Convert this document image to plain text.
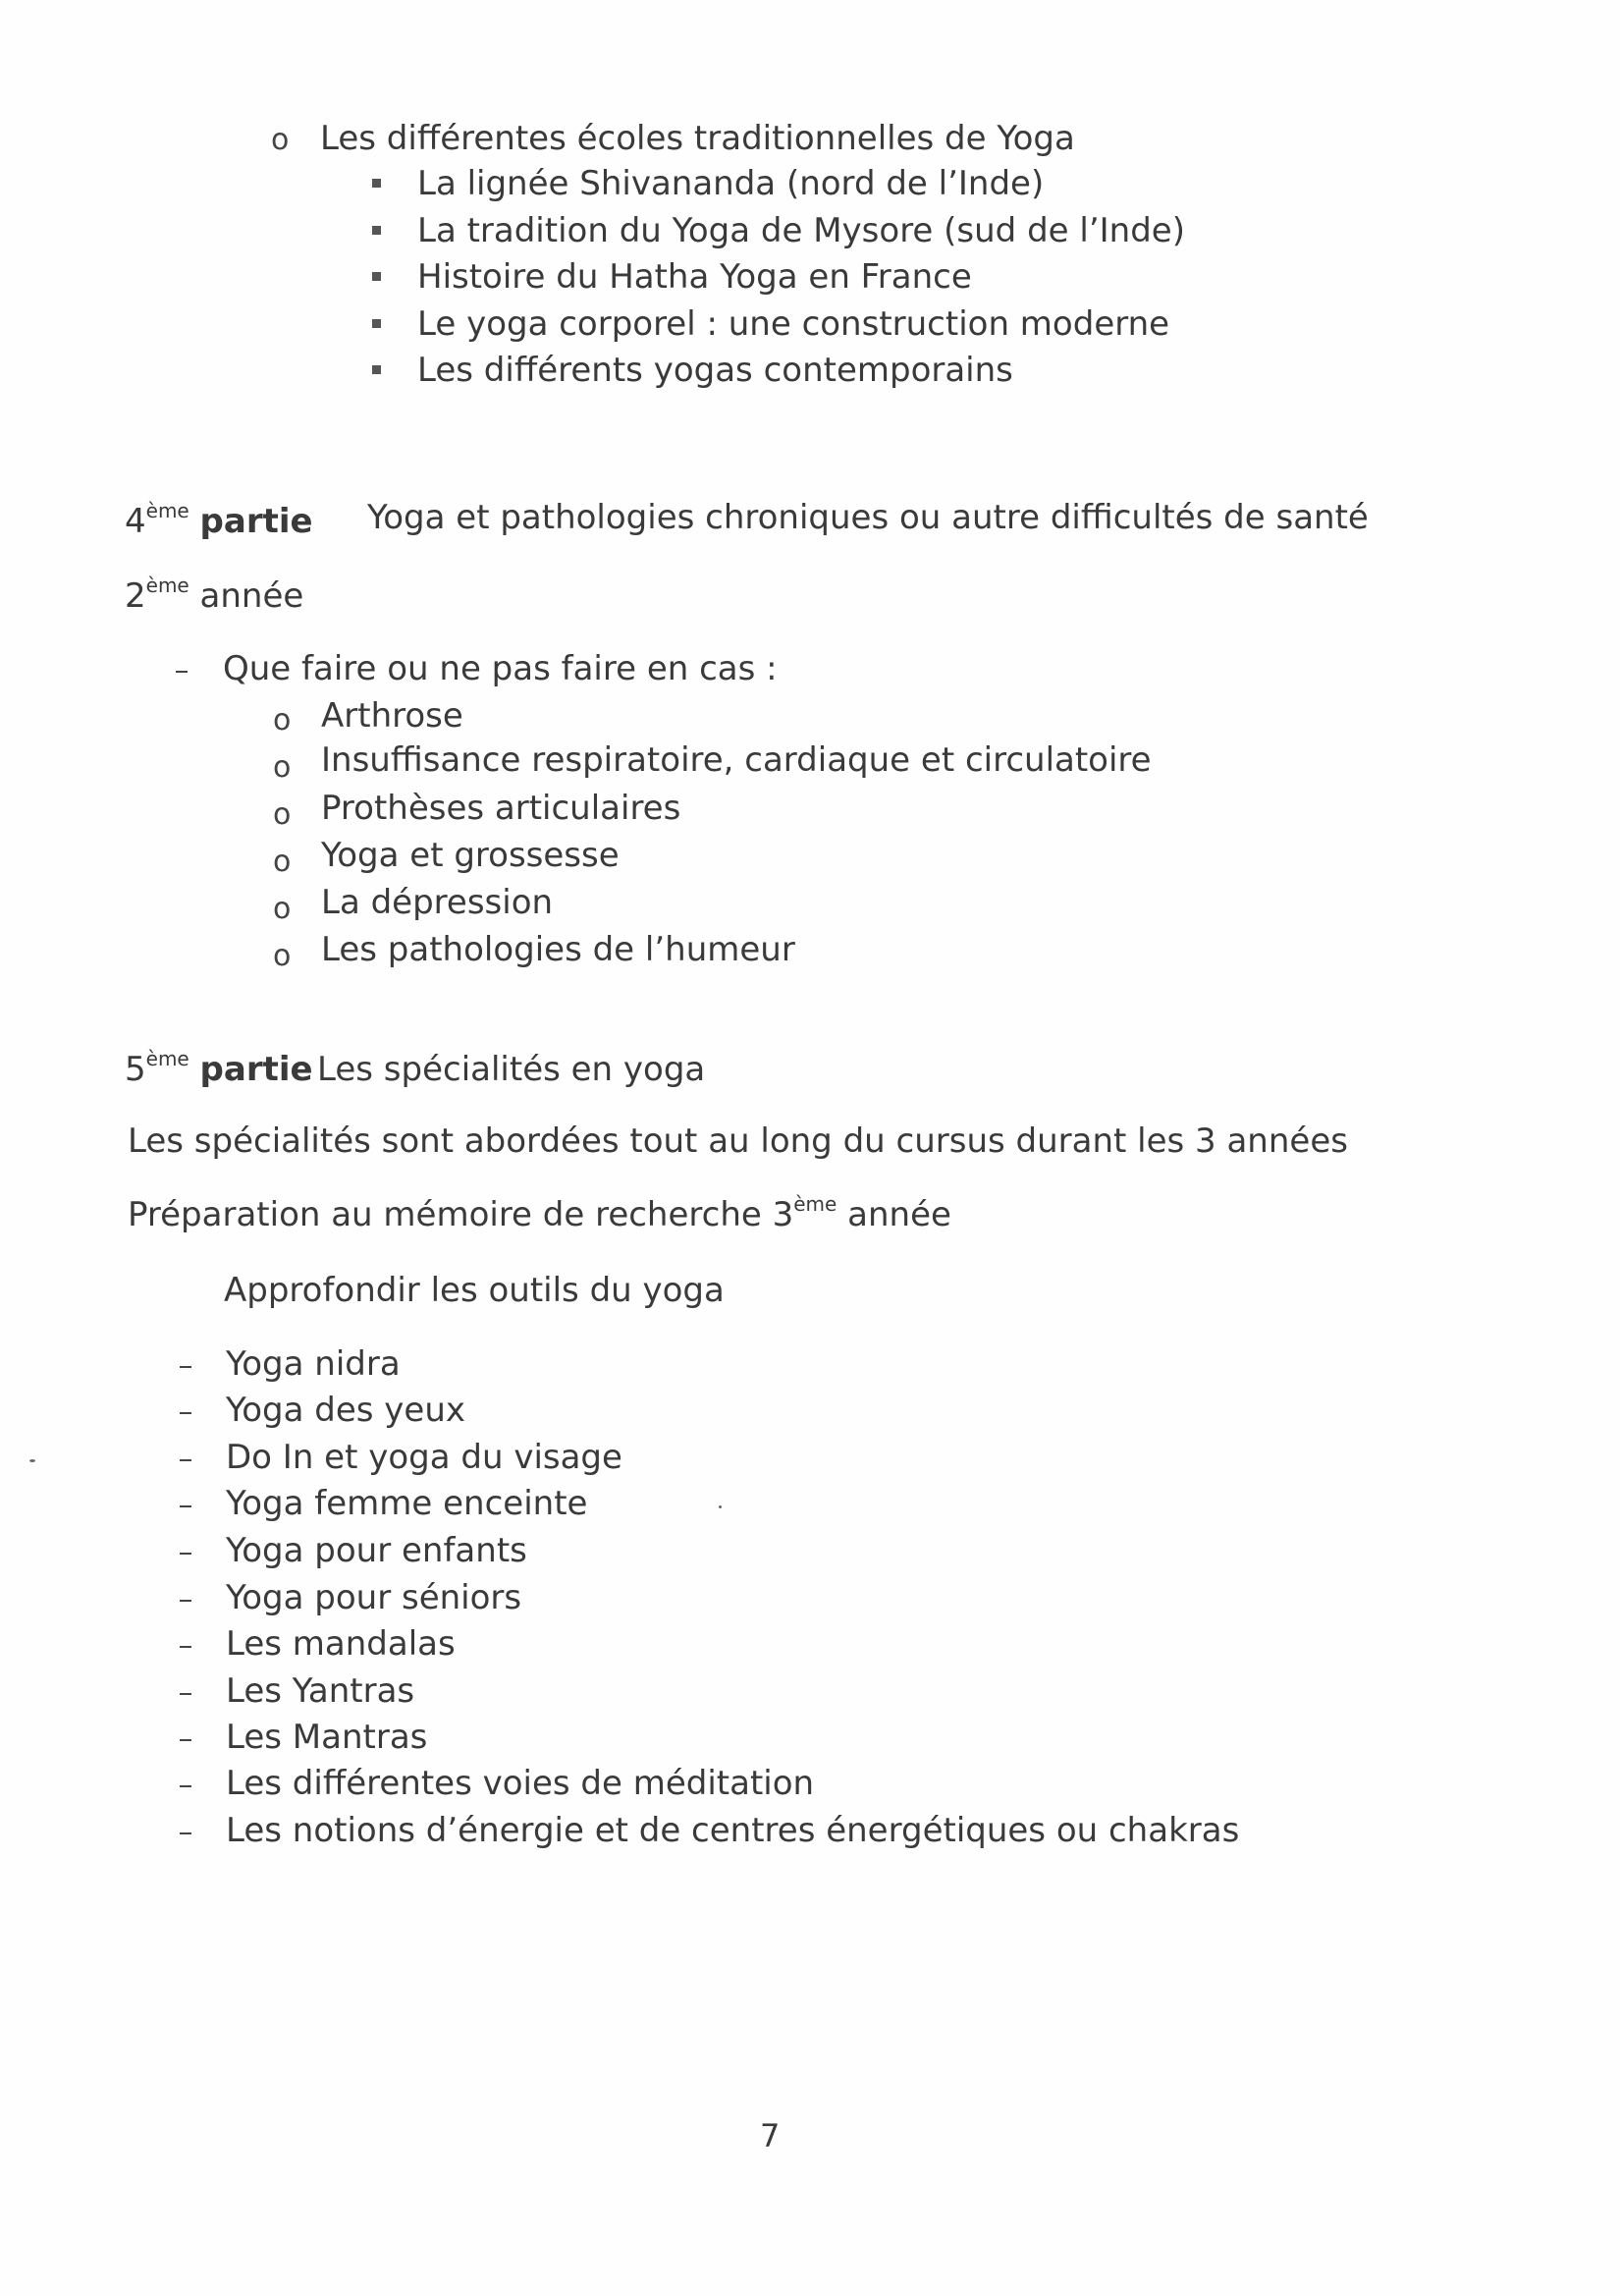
o Les différentes écoles traditionnelles de Yoga
La lignée Shivananda (nord de l’Inde)
La tradition du Yoga de Mysore (sud de l’Inde)
Histoire du Hatha Yoga en France
Le yoga corporel : une construction moderne
Les différents yogas contemporains
4ème partie Yoga et pathologies chroniques ou autre difficultés de santé
2ème année
Que faire ou ne pas faire en cas :
o Arthrose
o Insuffisance respiratoire, cardiaque et circulatoire
o Prothèses articulaires
o Yoga et grossesse
o La dépression
o Les pathologies de l’humeur
5ème partie Les spécialités en yoga
Les spécialités sont abordées tout au long du cursus durant les 3 années
Préparation au mémoire de recherche 3ème année
Approfondir les outils du yoga
Yoga nidra
Yoga des yeux
Do In et yoga du visage
Yoga femme enceinte
Yoga pour enfants
Yoga pour séniors
Les mandalas
Les Yantras
Les Mantras
Les différentes voies de méditation
Les notions d’énergie et de centres énergétiques ou chakras
7
